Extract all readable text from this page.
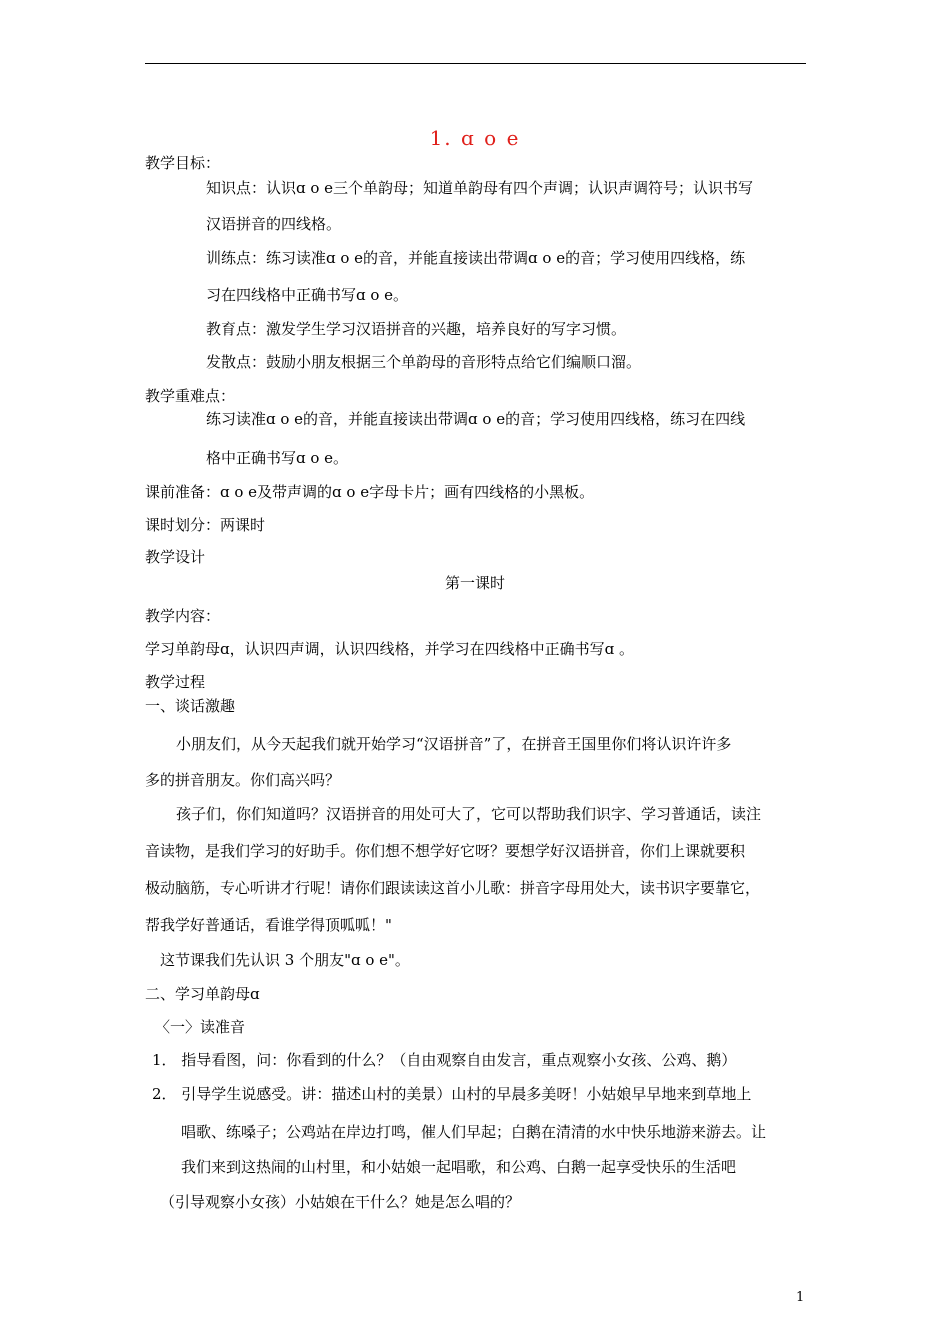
1. ɑ o e
教学目标：
知识点：认识ɑ o e三个单韵母；知道单韵母有四个声调；认识声调符号；认识书写
汉语拼音的四线格。
训练点：练习读准ɑ o e的音，并能直接读出带调ɑ o e的音；学习使用四线格，练
习在四线格中正确书写ɑ o e。
教育点：激发学生学习汉语拼音的兴趣，培养良好的写字习惯。
发散点：鼓励小朋友根据三个单韵母的音形特点给它们编顺口溜。
教学重难点：
练习读准ɑ o e的音，并能直接读出带调ɑ o e的音；学习使用四线格，练习在四线
格中正确书写ɑ o e。
课前准备：ɑ o e及带声调的ɑ o e字母卡片；画有四线格的小黑板。
课时划分：两课时
教学设计
第一课时
教学内容：
学习单韵母ɑ，认识四声调，认识四线格，并学习在四线格中正确书写ɑ 。
教学过程
一、谈话激趣
小朋友们，从今天起我们就开始学习“汉语拼音”了，在拼音王国里你们将认识许许多
多的拼音朋友。你们高兴吗？
孩子们，你们知道吗？汉语拼音的用处可大了，它可以帮助我们识字、学习普通话，读注
音读物，是我们学习的好助手。你们想不想学好它呀？要想学好汉语拼音，你们上课就要积
极动脑筋，专心听讲才行呢！请你们跟读读这首小儿歌：拼音字母用处大，读书识字要靠它，
帮我学好普通话，看谁学得顶呱呱！"
这节课我们先认识 3 个朋友"ɑ o e"。
二、学习单韵母ɑ
〈一〉读准音
1． 指导看图，问：你看到的什么？（自由观察自由发言，重点观察小女孩、公鸡、鹅）
2． 引导学生说感受。讲：描述山村的美景）山村的早晨多美呀！小姑娘早早地来到草地上
唱歌、练嗓子；公鸡站在岸边打鸣，催人们早起；白鹅在清清的水中快乐地游来游去。让
我们来到这热闹的山村里，和小姑娘一起唱歌，和公鸡、白鹅一起享受快乐的生活吧
（引导观察小女孩）小姑娘在干什么？她是怎么唱的？
1
